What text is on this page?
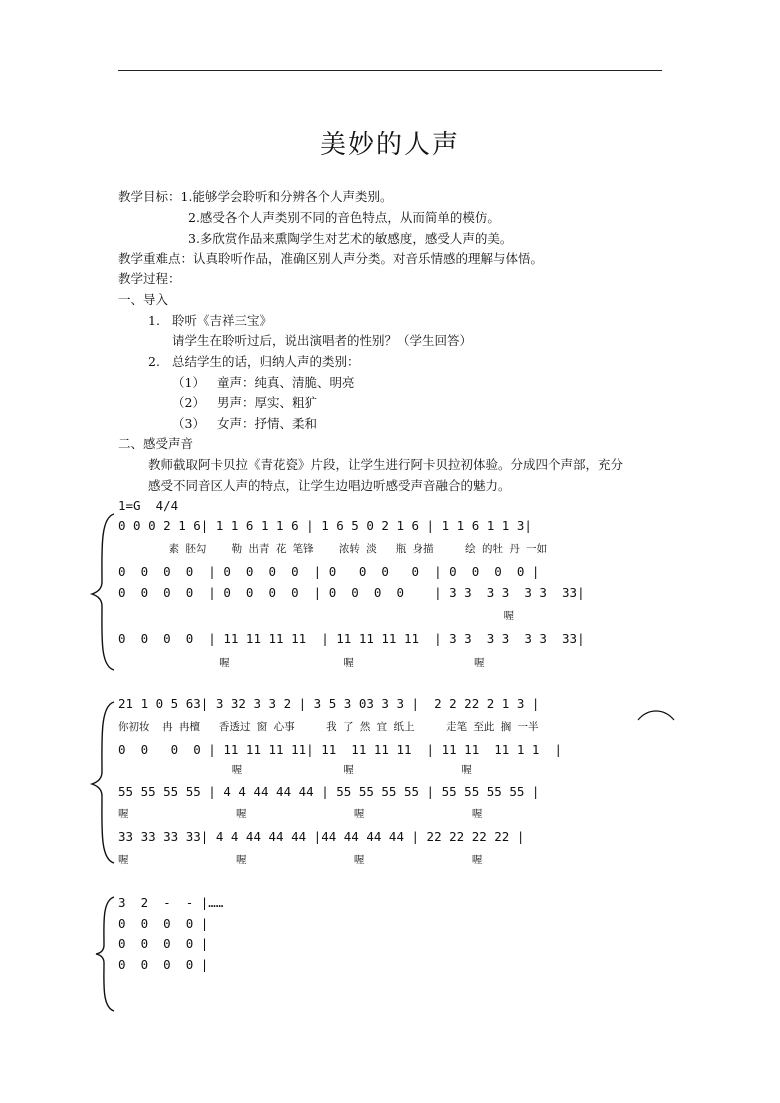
美妙的人声
教学目标：1.能够学会聆听和分辨各个人声类别。
2.感受各个人声类别不同的音色特点，从而简单的模仿。
3.多欣赏作品来熏陶学生对艺术的敏感度，感受人声的美。
教学重难点：认真聆听作品，准确区别人声分类。对音乐情感的理解与体悟。
教学过程：
一、导入
1. 聆听《吉祥三宝》
请学生在聆听过后，说出演唱者的性别？（学生回答）
2. 总结学生的话，归纳人声的类别：
（1） 童声：纯真、清脆、明亮
（2） 男声：厚实、粗犷
（3） 女声：抒情、柔和
二、感受声音
教师截取阿卡贝拉《青花瓷》片段，让学生进行阿卡贝拉初体验。分成四个声部，充分
感受不同音区人声的特点，让学生边唱边听感受声音融合的魅力。
1=G  4/4
0 0 0 2 1 6| 1 1 6 1 1 6 | 1 6 5 0 2 1 6 | 1 1 6 1 1 3|
素 胚勾    勒 出青 花 笔锋    浓转 淡   瓶 身描     绘 的牡 丹 一如
0  0  0  0  | 0  0  0  0  | 0   0  0   0  | 0  0  0  0 |
0  0  0  0  | 0  0  0  0  | 0  0  0  0    | 3 3  3 3  3 3  33|
喔
0  0  0  0  | 11 11 11 11  | 11 11 11 11  | 3 3  3 3  3 3  33|
喔                  喔                   喔
21 1 0 5 63| 3 32 3 3 2 | 3 5 3 03 3 3 |  2 2 22 2 1 3 |
你初妆  冉 冉檀   香透过 窗 心事     我 了 然 宜 纸上     走笔 至此 搁 一半
0  0   0  0 | 11 11 11 11| 11  11 11 11  | 11 11  11 1 1  |
喔                喔                 喔
55 55 55 55 | 4 4 44 44 44 | 55 55 55 55 | 55 55 55 55 |
喔                 喔                 喔                 喔
33 33 33 33| 4 4 44 44 44 |44 44 44 44 | 22 22 22 22 |
喔                 喔                 喔                 喔
3  2  -  - |……
0  0  0  0 |
0  0  0  0 |
0  0  0  0 |
